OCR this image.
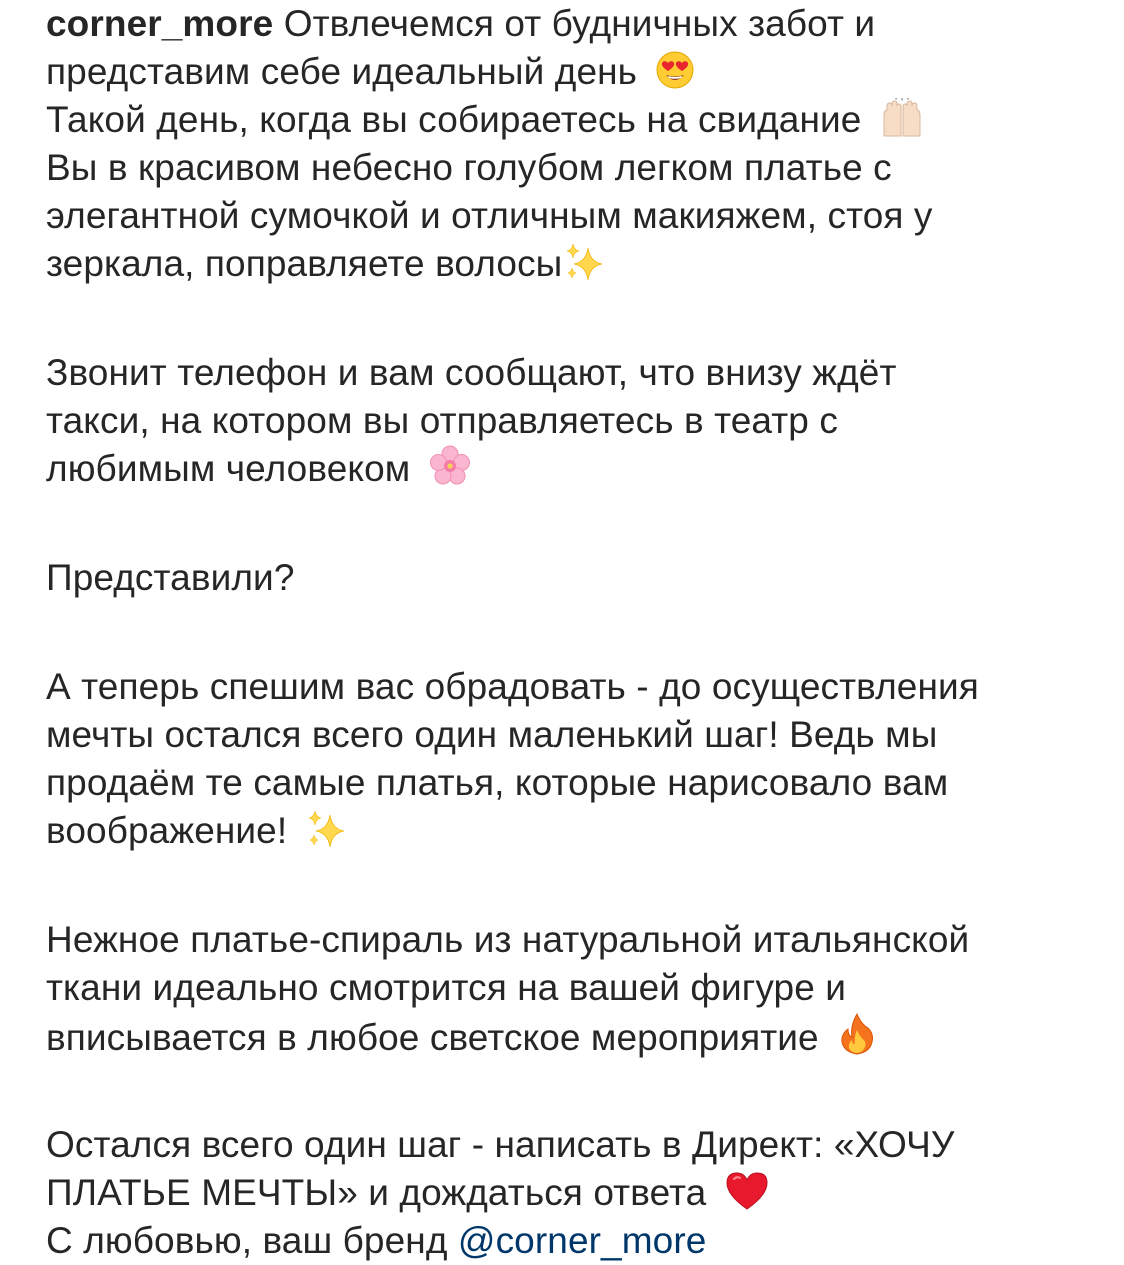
corner_more Отвлечемся от будничных забот и
представим себе идеальный день
Такой день, когда вы собираетесь на свидание
Вы в красивом небесно голубом легком платье с
элегантной сумочкой и отличным макияжем, стоя у
зеркала, поправляете волосы
Звонит телефон и вам сообщают, что внизу ждёт
такси, на котором вы отправляетесь в театр с
любимым человеком
Представили?
А теперь спешим вас обрадовать - до осуществления
мечты остался всего один маленький шаг! Ведь мы
продаём те самые платья, которые нарисовало вам
воображение!
Нежное платье-спираль из натуральной итальянской
ткани идеально смотрится на вашей фигуре и
вписывается в любое светское мероприятие
Остался всего один шаг - написать в Директ: «ХОЧУ
ПЛАТЬЕ МЕЧТЫ» и дождаться ответа
С любовью, ваш бренд @corner_more
